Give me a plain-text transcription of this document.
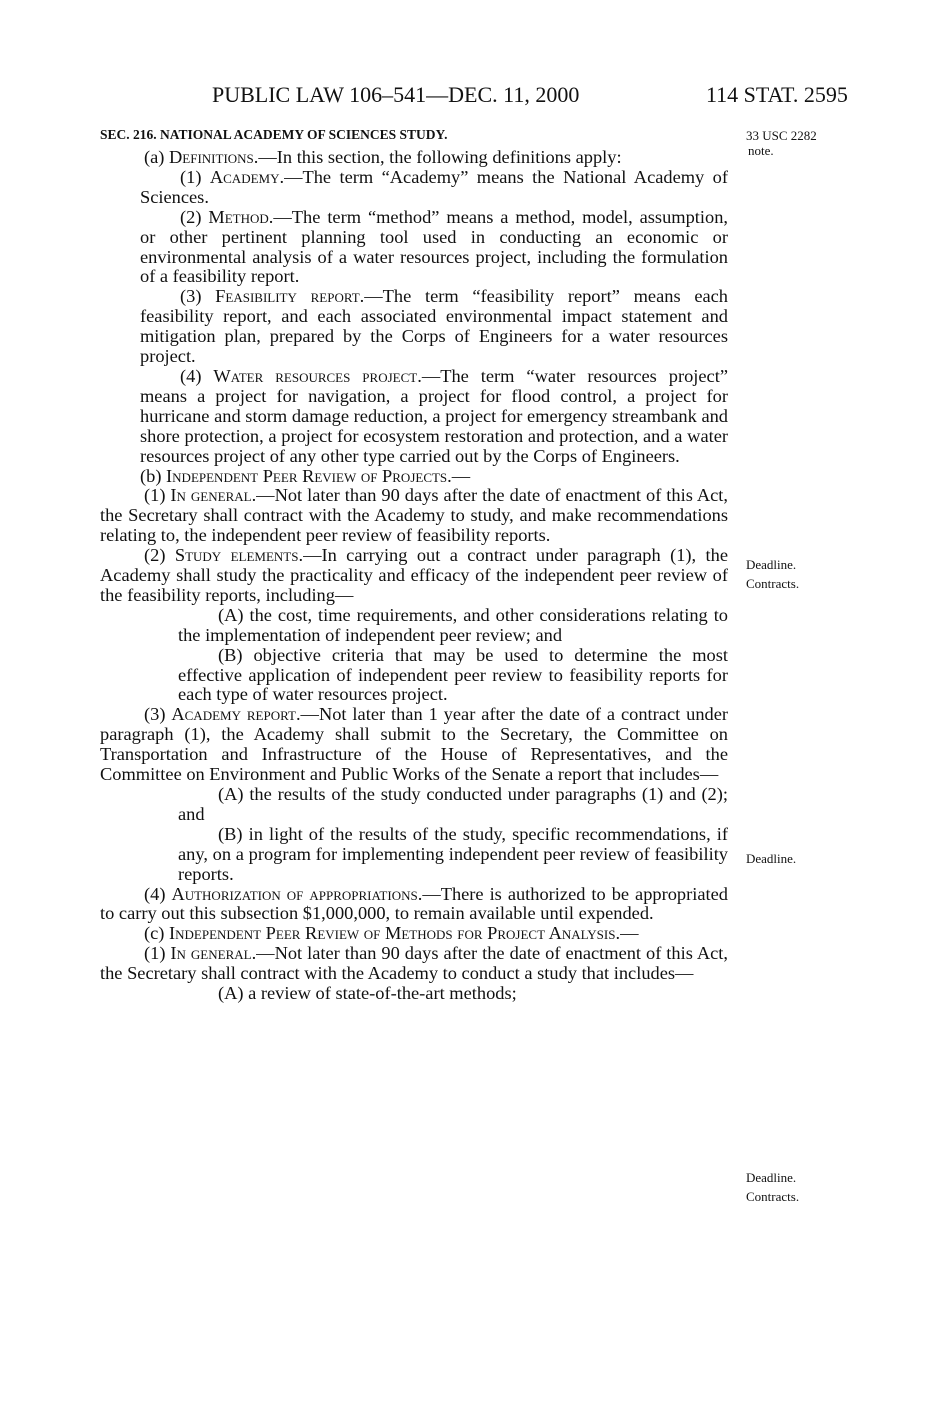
PUBLIC LAW 106–541—DEC. 11, 2000	114 STAT. 2595
33 USC 2282
note.
Deadline.
Contracts.
Deadline.
Deadline.
Contracts.

SEC. 216. NATIONAL ACADEMY OF SCIENCES STUDY.

(a) Definitions.—In this section, the following definitions apply:

(1) Academy.—The term “Academy” means the National Academy of Sciences.

(2) Method.—The term “method” means a method, model, assumption, or other pertinent planning tool used in conducting an economic or environmental analysis of a water resources project, including the formulation of a feasibility report.

(3) Feasibility report.—The term “feasibility report” means each feasibility report, and each associated environmental impact statement and mitigation plan, prepared by the Corps of Engineers for a water resources project.

(4) Water resources project.—The term “water resources project” means a project for navigation, a project for flood control, a project for hurricane and storm damage reduction, a project for emergency streambank and shore protection, a project for ecosystem restoration and protection, and a water resources project of any other type carried out by the Corps of Engineers.

(b) Independent Peer Review of Projects.—

(1) In general.—Not later than 90 days after the date of enactment of this Act, the Secretary shall contract with the Academy to study, and make recommendations relating to, the independent peer review of feasibility reports.

(2) Study elements.—In carrying out a contract under paragraph (1), the Academy shall study the practicality and efficacy of the independent peer review of the feasibility reports, including—

(A) the cost, time requirements, and other considerations relating to the implementation of independent peer review; and

(B) objective criteria that may be used to determine the most effective application of independent peer review to feasibility reports for each type of water resources project.

(3) Academy report.—Not later than 1 year after the date of a contract under paragraph (1), the Academy shall submit to the Secretary, the Committee on Transportation and Infrastructure of the House of Representatives, and the Committee on Environment and Public Works of the Senate a report that includes—

(A) the results of the study conducted under paragraphs (1) and (2); and

(B) in light of the results of the study, specific recommendations, if any, on a program for implementing independent peer review of feasibility reports.

(4) Authorization of appropriations.—There is authorized to be appropriated to carry out this subsection $1,000,000, to remain available until expended.

(c) Independent Peer Review of Methods for Project Analysis.—

(1) In general.—Not later than 90 days after the date of enactment of this Act, the Secretary shall contract with the Academy to conduct a study that includes—

(A) a review of state-of-the-art methods;
